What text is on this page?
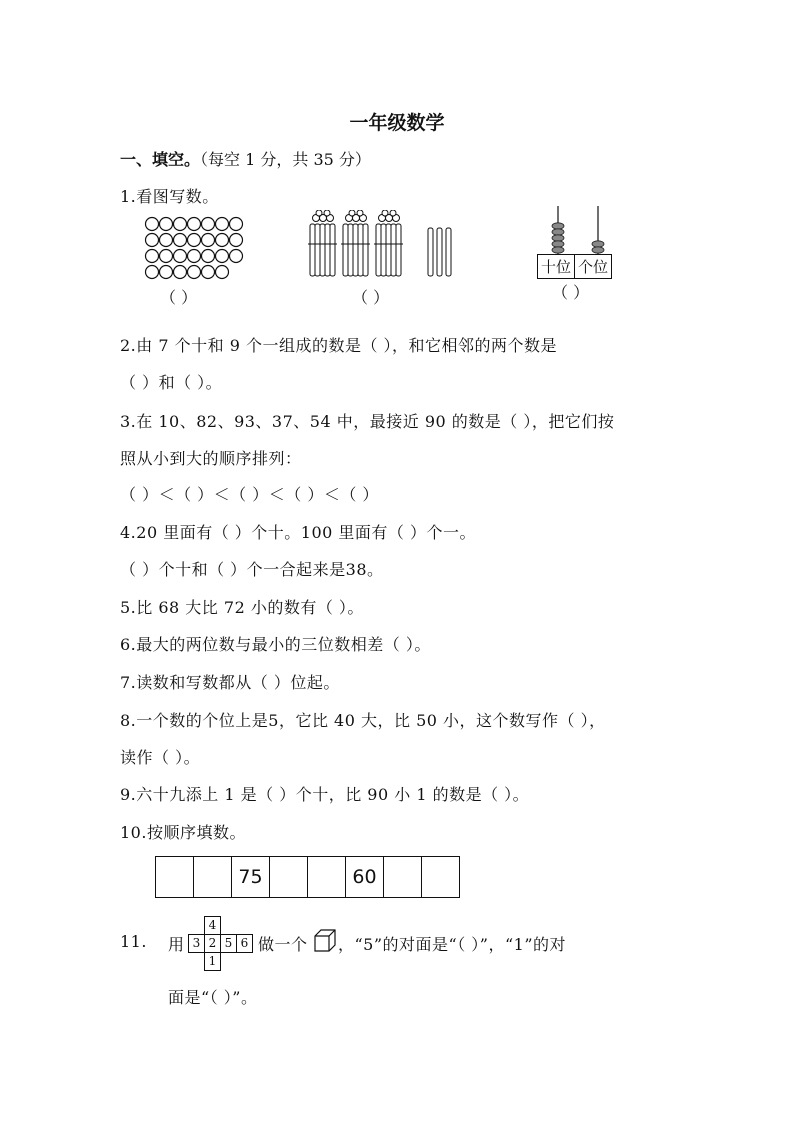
一年级数学
一、填空。（每空 1 分，共 35 分）
1.看图写数。
（ ）	（ ）
十位 个位
（ ）
2.由 7 个十和 9 个一组成的数是（ ），和它相邻的两个数是
（ ）和（ ）。
3.在 10、82、93、37、54 中，最接近 90 的数是（ ），把它们按
照从小到大的顺序排列：
（ ）＜（ ）＜（ ）＜（ ）＜（ ）
4.20 里面有（ ）个十。100 里面有（ ）个一。
（ ）个十和（ ）个一合起来是38。
5.比 68 大比 72 小的数有（ ）。
6.最大的两位数与最小的三位数相差（ ）。
7.读数和写数都从（ ）位起。
8.一个数的个位上是5，它比 40 大，比 50 小，这个数写作（ ），
读作（ ）。
9.六十九添上 1 是（ ）个十，比 90 小 1 的数是（ ）。
10.按顺序填数。
		75			60		
11. 用
4
3 2 5 6
1
做一个 ，“5”的对面是“（ ）”，“1”的对
面是“（ ）”。
